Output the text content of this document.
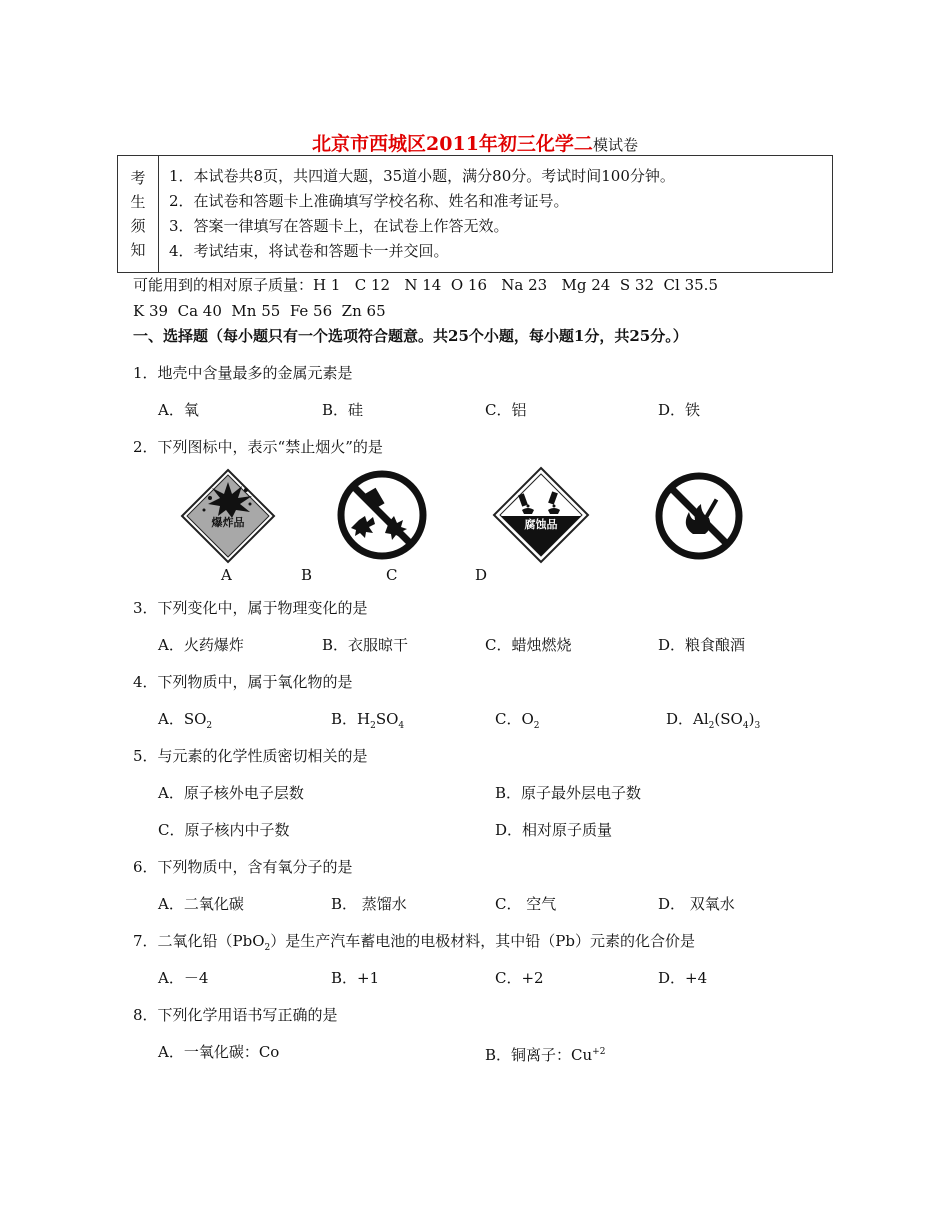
北京市西城区2011年初三化学二模试卷
考
生
须
知

1．本试卷共8页，共四道大题，35道小题，满分80分。考试时间100分钟。
2．在试卷和答题卡上准确填写学校名称、姓名和准考证号。
3．答案一律填写在答题卡上，在试卷上作答无效。
4．考试结束，将试卷和答题卡一并交回。
可能用到的相对原子质量：H 1   C 12   N 14  O 16   Na 23   Mg 24  S 32  Cl 35.5
K 39  Ca 40  Mn 55  Fe 56  Zn 65
一、选择题（每小题只有一个选项符合题意。共25个小题，每小题1分，共25分。）
1．地壳中含量最多的金属元素是
A．氧	B．硅	C．铝	D．铁
2．下列图标中，表示“禁止烟火”的是
爆炸品	腐蚀品
A	B	C	D
3．下列变化中，属于物理变化的是
A．火药爆炸	B．衣服晾干	C．蜡烛燃烧	D．粮食酿酒
4．下列物质中，属于氧化物的是
A．$SO_2$	B．$H_2SO_4$	C．$O_2$	D．$Al_2(SO_4)_3$
5．与元素的化学性质密切相关的是
A．原子核外电子层数	B．原子最外层电子数
C．原子核内中子数	D．相对原子质量
6．下列物质中，含有氧分子的是
A．二氧化碳	B． 蒸馏水	C． 空气	D． 双氧水
7．二氧化铅（PbO$_2$）是生产汽车蓄电池的电极材料，其中铅（Pb）元素的化合价是
A．－4	B．+1	C．+2	D．+4
8．下列化学用语书写正确的是
A．一氧化碳：Co	B．铜离子：$Cu^{+2}$
